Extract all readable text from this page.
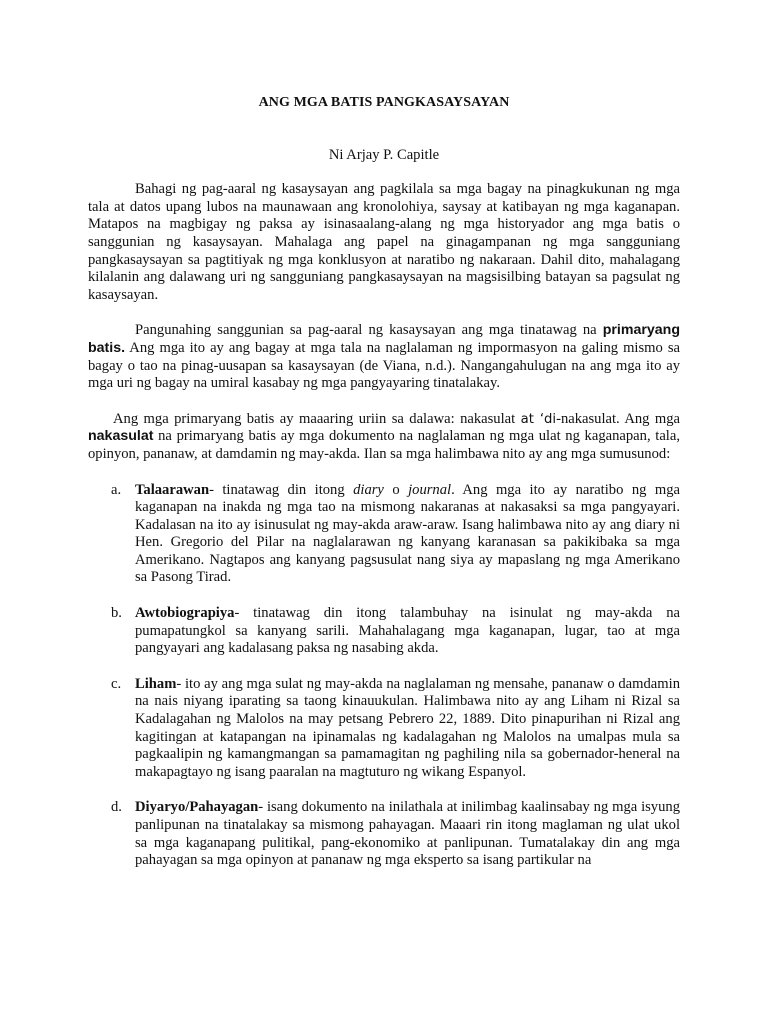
ANG MGA BATIS PANGKASAYSAYAN
Ni Arjay P. Capitle

Bahagi ng pag-aaral ng kasaysayan ang pagkilala sa mga bagay na pinagkukunan ng mga tala at datos upang lubos na maunawaan ang kronolohiya, saysay at katibayan ng mga kaganapan. Matapos na magbigay ng paksa ay isinasaalang-alang ng mga historyador ang mga batis o sanggunian ng kasaysayan. Mahalaga ang papel na ginagampanan ng mga sangguniang pangkasaysayan sa pagtitiyak ng mga konklusyon at naratibo ng nakaraan. Dahil dito, mahalagang kilalanin ang dalawang uri ng sangguniang pangkasaysayan na magsisilbing batayan sa pagsulat ng kasaysayan.

Pangunahing sanggunian sa pag-aaral ng kasaysayan ang mga tinatawag na primaryang batis. Ang mga ito ay ang bagay at mga tala na naglalaman ng impormasyon na galing mismo sa bagay o tao na pinag-uusapan sa kasaysayan (de Viana, n.d.). Nangangahulugan na ang mga ito ay mga uri ng bagay na umiral kasabay ng mga pangyayaring tinatalakay.

Ang mga primaryang batis ay maaaring uriin sa dalawa: nakasulat at ‘di-nakasulat. Ang mga nakasulat na primaryang batis ay mga dokumento na naglalaman ng mga ulat ng kaganapan, tala, opinyon, pananaw, at damdamin ng may-akda. Ilan sa mga halimbawa nito ay ang mga sumusunod:

a. Talaarawan- tinatawag din itong diary o journal. Ang mga ito ay naratibo ng mga kaganapan na inakda ng mga tao na mismong nakaranas at nakasaksi sa mga pangyayari. Kadalasan na ito ay isinusulat ng may-akda araw-araw. Isang halimbawa nito ay ang diary ni Hen. Gregorio del Pilar na naglalarawan ng kanyang karanasan sa pakikibaka sa mga Amerikano. Nagtapos ang kanyang pagsusulat nang siya ay mapaslang ng mga Amerikano sa Pasong Tirad.
b. Awtobiograpiya- tinatawag din itong talambuhay na isinulat ng may-akda na pumapatungkol sa kanyang sarili. Mahahalagang mga kaganapan, lugar, tao at mga pangyayari ang kadalasang paksa ng nasabing akda.
c. Liham- ito ay ang mga sulat ng may-akda na naglalaman ng mensahe, pananaw o damdamin na nais niyang iparating sa taong kinauukulan. Halimbawa nito ay ang Liham ni Rizal sa Kadalagahan ng Malolos na may petsang Pebrero 22, 1889. Dito pinapurihan ni Rizal ang kagitingan at katapangan na ipinamalas ng kadalagahan ng Malolos na umalpas mula sa pagkaalipin ng kamangmangan sa pamamagitan ng paghiling nila sa gobernador-heneral na makapagtayo ng isang paaralan na magtuturo ng wikang Espanyol.
d. Diyaryo/Pahayagan- isang dokumento na inilathala at inilimbag kaalinsabay ng mga isyung panlipunan na tinatalakay sa mismong pahayagan. Maaari rin itong maglaman ng ulat ukol sa mga kaganapang pulitikal, pang-ekonomiko at panlipunan. Tumatalakay din ang mga pahayagan sa mga opinyon at pananaw ng mga eksperto sa isang partikular na
